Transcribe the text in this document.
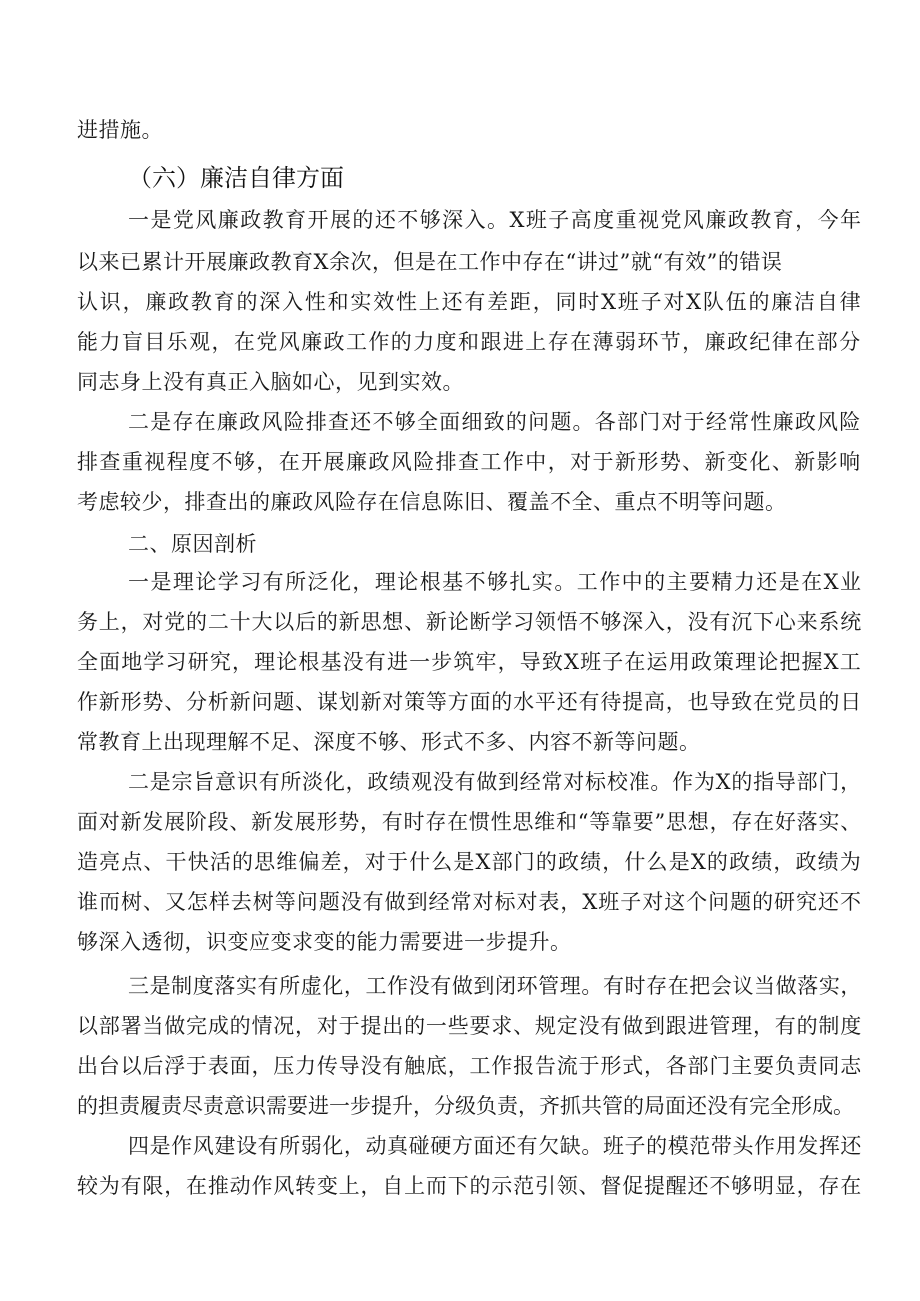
进措施。
（六）廉洁自律方面
一是党风廉政教育开展的还不够深入。X班子高度重视党风廉政教育，今年
以来已累计开展廉政教育X余次，但是在工作中存在“讲过”就“有效”的错误
认识，廉政教育的深入性和实效性上还有差距，同时X班子对X队伍的廉洁自律
能力盲目乐观，在党风廉政工作的力度和跟进上存在薄弱环节，廉政纪律在部分
同志身上没有真正入脑如心，见到实效。
二是存在廉政风险排查还不够全面细致的问题。各部门对于经常性廉政风险
排查重视程度不够，在开展廉政风险排查工作中，对于新形势、新变化、新影响
考虑较少，排查出的廉政风险存在信息陈旧、覆盖不全、重点不明等问题。
二、原因剖析
一是理论学习有所泛化，理论根基不够扎实。工作中的主要精力还是在X业
务上，对党的二十大以后的新思想、新论断学习领悟不够深入，没有沉下心来系统
全面地学习研究，理论根基没有进一步筑牢，导致X班子在运用政策理论把握X工
作新形势、分析新问题、谋划新对策等方面的水平还有待提高，也导致在党员的日
常教育上出现理解不足、深度不够、形式不多、内容不新等问题。
二是宗旨意识有所淡化，政绩观没有做到经常对标校准。作为X的指导部门，
面对新发展阶段、新发展形势，有时存在惯性思维和“等靠要”思想，存在好落实、
造亮点、干快活的思维偏差，对于什么是X部门的政绩，什么是X的政绩，政绩为
谁而树、又怎样去树等问题没有做到经常对标对表，X班子对这个问题的研究还不
够深入透彻，识变应变求变的能力需要进一步提升。
三是制度落实有所虚化，工作没有做到闭环管理。有时存在把会议当做落实，
以部署当做完成的情况，对于提出的一些要求、规定没有做到跟进管理，有的制度
出台以后浮于表面，压力传导没有触底，工作报告流于形式，各部门主要负责同志
的担责履责尽责意识需要进一步提升，分级负责，齐抓共管的局面还没有完全形成。
四是作风建设有所弱化，动真碰硬方面还有欠缺。班子的模范带头作用发挥还
较为有限，在推动作风转变上，自上而下的示范引领、督促提醒还不够明显，存在
